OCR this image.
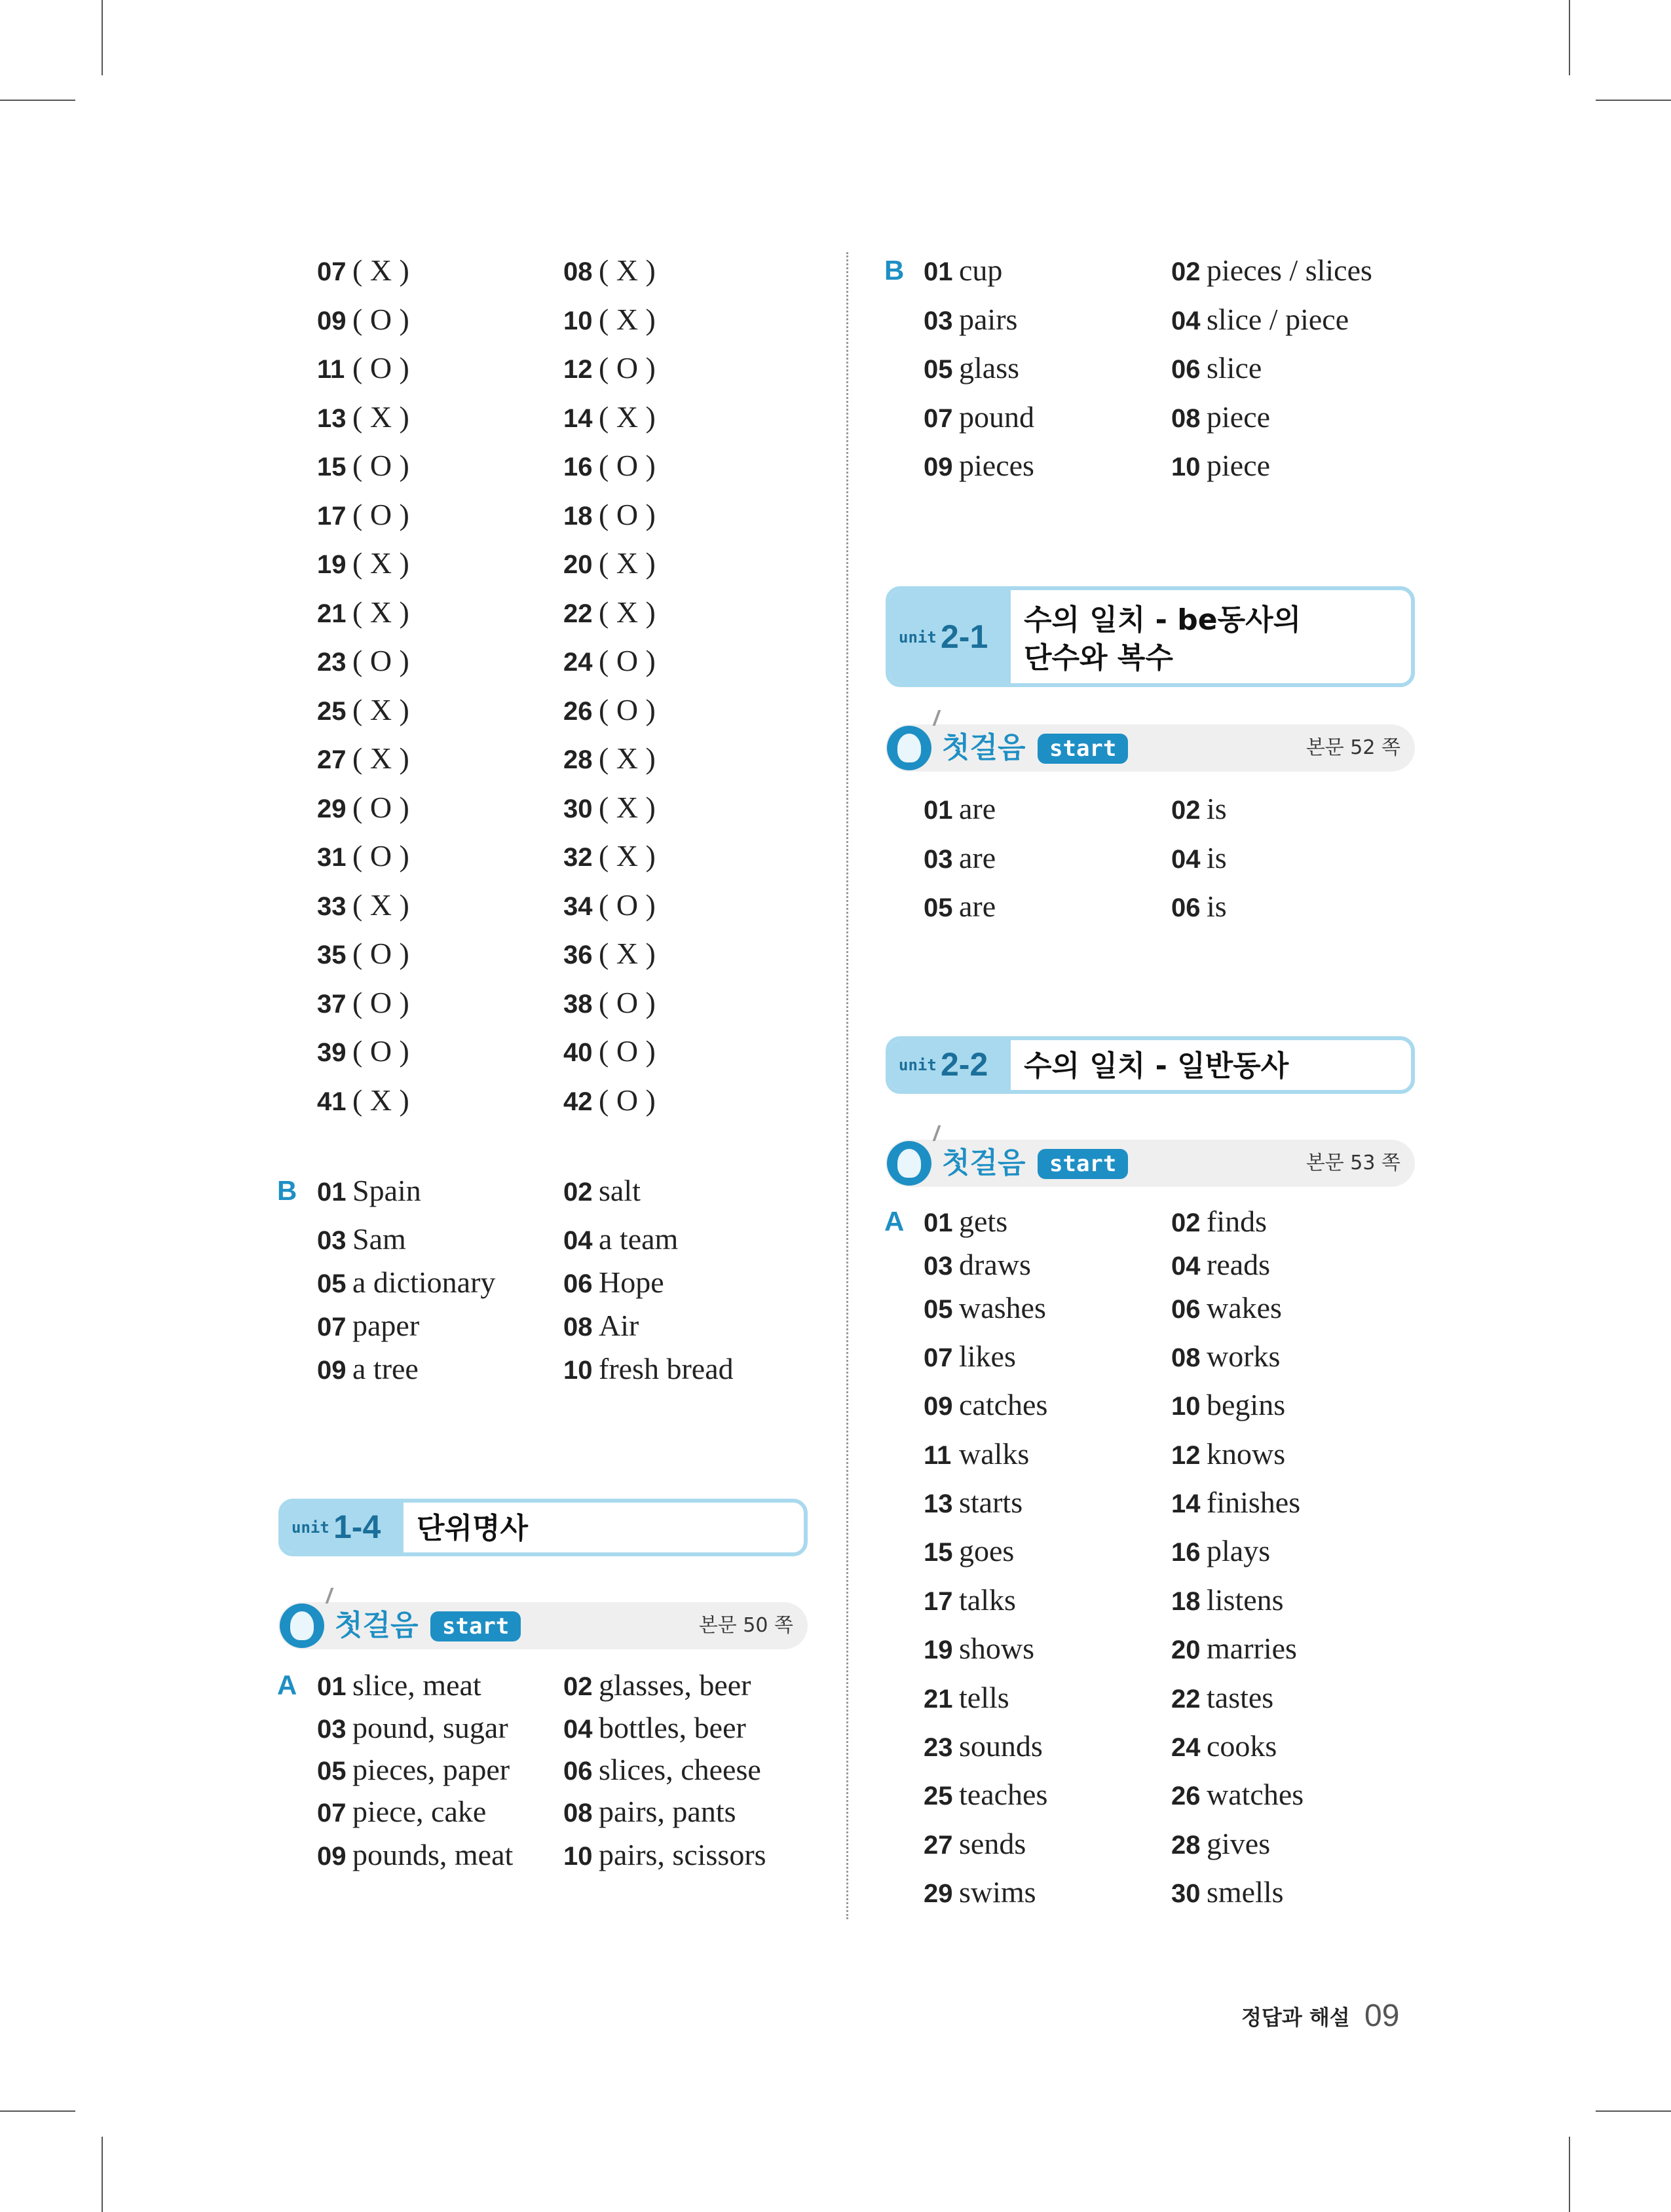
07 ( X )	08 ( X )
09 ( O )	10 ( X )
11 ( O )	12 ( O )
13 ( X )	14 ( X )
15 ( O )	16 ( O )
17 ( O )	18 ( O )
19 ( X )	20 ( X )
21 ( X )	22 ( X )
23 ( O )	24 ( O )
25 ( X )	26 ( O )
27 ( X )	28 ( X )
29 ( O )	30 ( X )
31 ( O )	32 ( X )
33 ( X )	34 ( O )
35 ( O )	36 ( X )
37 ( O )	38 ( O )
39 ( O )	40 ( O )
41 ( X )	42 ( O )
B 01 Spain	02 salt
03 Sam	04 a team
05 a dictionary	06 Hope
07 paper	08 Air
09 a tree	10 fresh bread
unit 1-4 단위명사
첫걸음	start	본문 50 쪽
A 01 slice, meat	02 glasses, beer
03 pound, sugar 04 bottles, beer
05 pieces, paper 06 slices, cheese
07 piece, cake	08 pairs, pants
09 pounds, meat 10 pairs, scissors
B 01 cup	02 pieces / slices
03 pairs	04 slice / piece
05 glass	06 slice
07 pound	08 piece
09 pieces	10 piece
unit 2-1 수의 일치 - be동사의
단수와 복수
첫걸음	start	본문 52 쪽
01 are	02 is
03 are	04 is
05 are	06 is
unit 2-2 수의 일치 - 일반동사
첫걸음	start	본문 53 쪽
A 01 gets	02 finds
03 draws	04 reads
05 washes	06 wakes
07 likes	08 works
09 catches	10 begins
11 walks	12 knows
13 starts	14 finishes
15 goes	16 plays
17 talks	18 listens
19 shows	20 marries
21 tells	22 tastes
23 sounds	24 cooks
25 teaches	26 watches
27 sends	28 gives
29 swims	30 smells
정답과 해설 09
